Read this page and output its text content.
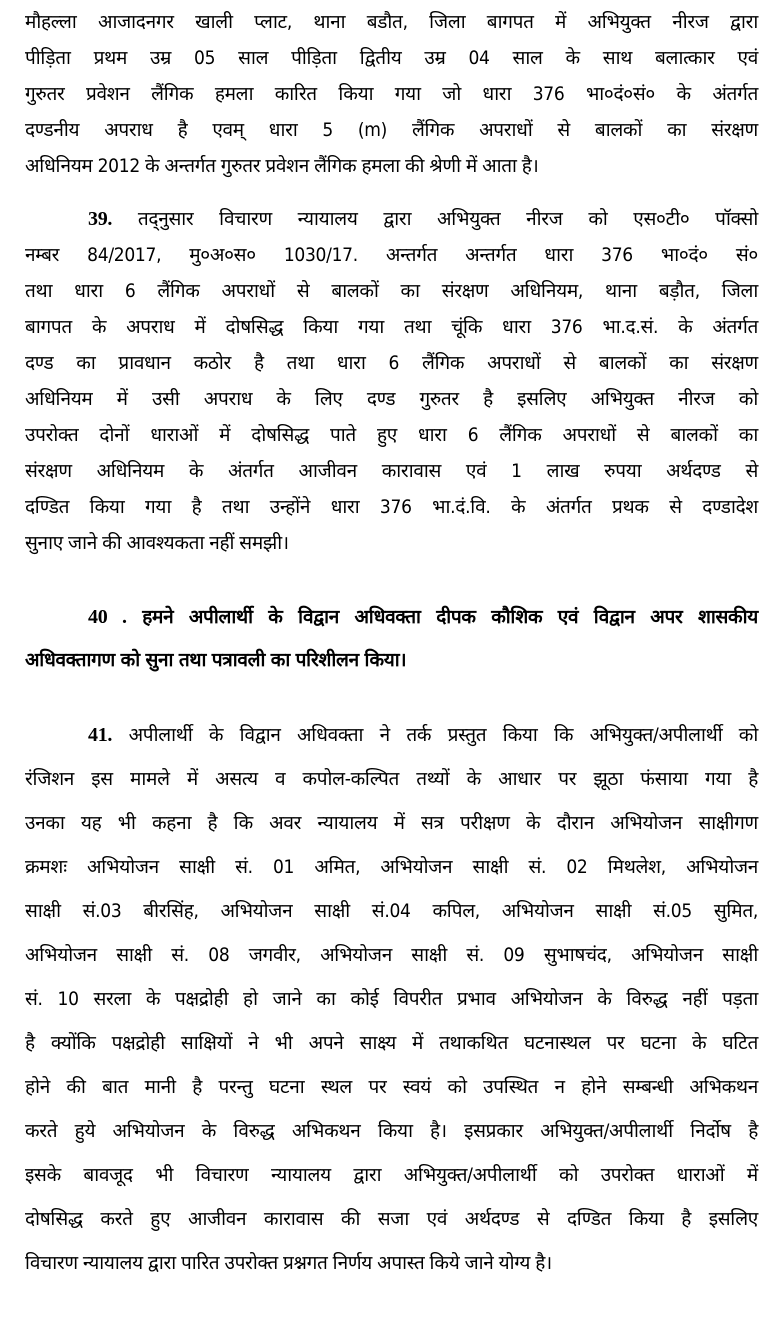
मौहल्ला आजादनगर खाली प्लाट, थाना बडौत, जिला बागपत में अभियुक्त नीरज द्वारा
पीड़िता प्रथम उम्र 05 साल पीड़िता द्वितीय उम्र 04 साल के साथ बलात्कार एवं
गुरुतर प्रवेशन लैंगिक हमला कारित किया गया जो धारा 376 भा०दं०सं० के अंतर्गत
दण्डनीय अपराध है एवम् धारा 5 (m) लैंगिक अपराधों से बालकों का संरक्षण
अधिनियम 2012 के अन्तर्गत गुरुतर प्रवेशन लैंगिक हमला की श्रेणी में आता है।
39. तद्नुसार विचारण न्यायालय द्वारा अभियुक्त नीरज को एस०टी० पॉक्सो
नम्बर 84/2017, मु०अ०स० 1030/17. अन्तर्गत अन्तर्गत धारा 376 भा०दं० सं०
तथा धारा 6 लैंगिक अपराधों से बालकों का संरक्षण अधिनियम, थाना बड़ौत, जिला
बागपत के अपराध में दोषसिद्ध किया गया तथा चूंकि धारा 376 भा.द.सं. के अंतर्गत
दण्ड का प्रावधान कठोर है तथा धारा 6 लैंगिक अपराधों से बालकों का संरक्षण
अधिनियम में उसी अपराध के लिए दण्ड गुरुतर है इसलिए अभियुक्त नीरज को
उपरोक्त दोनों धाराओं में दोषसिद्ध पाते हुए धारा 6 लैंगिक अपराधों से बालकों का
संरक्षण अधिनियम के अंतर्गत आजीवन कारावास एवं 1 लाख रुपया अर्थदण्ड से
दण्डित किया गया है तथा उन्होंने धारा 376 भा.दं.वि. के अंतर्गत प्रथक से दण्डादेश
सुनाए जाने की आवश्यकता नहीं समझी।
40 . हमने अपीलार्थी के विद्वान अधिवक्ता दीपक कौशिक एवं विद्वान अपर शासकीय
अधिवक्तागण को सुना तथा पत्रावली का परिशीलन किया।
41. अपीलार्थी के विद्वान अधिवक्ता ने तर्क प्रस्तुत किया कि अभियुक्त/अपीलार्थी को
रंजिशन इस मामले में असत्य व कपोल-कल्पित तथ्यों के आधार पर झूठा फंसाया गया है
उनका यह भी कहना है कि अवर न्यायालय में सत्र परीक्षण के दौरान अभियोजन साक्षीगण
क्रमशः अभियोजन साक्षी सं. 01 अमित, अभियोजन साक्षी सं. 02 मिथलेश, अभियोजन
साक्षी सं.03 बीरसिंह, अभियोजन साक्षी सं.04 कपिल, अभियोजन साक्षी सं.05 सुमित,
अभियोजन साक्षी सं. 08 जगवीर, अभियोजन साक्षी सं. 09 सुभाषचंद, अभियोजन साक्षी
सं. 10 सरला के पक्षद्रोही हो जाने का कोई विपरीत प्रभाव अभियोजन के विरुद्ध नहीं पड़ता
है क्योंकि पक्षद्रोही साक्षियों ने भी अपने साक्ष्य में तथाकथित घटनास्थल पर घटना के घटित
होने की बात मानी है परन्तु घटना स्थल पर स्वयं को उपस्थित न होने सम्बन्धी अभिकथन
करते हुये अभियोजन के विरुद्ध अभिकथन किया है। इसप्रकार अभियुक्त/अपीलार्थी निर्दोष है
इसके बावजूद भी विचारण न्यायालय द्वारा अभियुक्त/अपीलार्थी को उपरोक्त धाराओं में
दोषसिद्ध करते हुए आजीवन कारावास की सजा एवं अर्थदण्ड से दण्डित किया है इसलिए
विचारण न्यायालय द्वारा पारित उपरोक्त प्रश्नगत निर्णय अपास्त किये जाने योग्य है।
